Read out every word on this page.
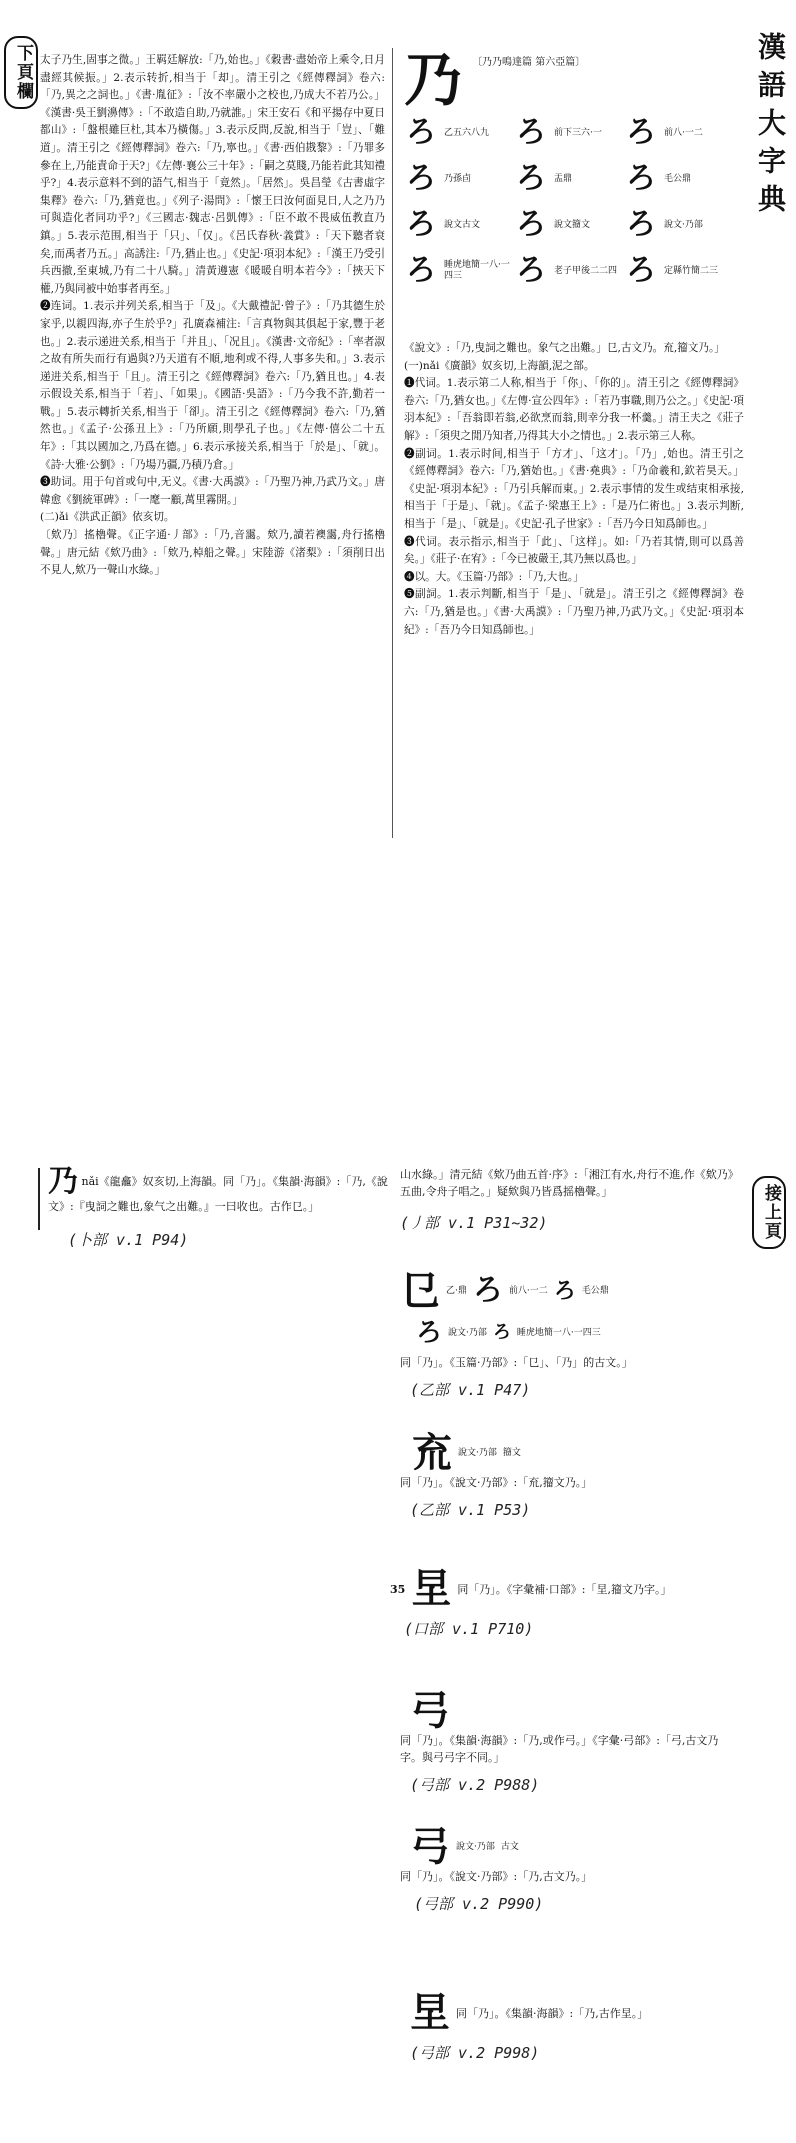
下頁欄	漢語大字典

太子乃生,固事之微。」王羁廷解放:「乃,始也。」《穀書·盡始帝上乘令,日月盡經其候振。」2.表示转折,相当于「却」。清王引之《經傳釋詞》卷六:「乃,異之之詞也。」《書·胤征》:「汝不率嚴小之校也,乃成大不若乃公。」《漢書·吳王劉濞傳》:「不敢造自助,乃就誰。」宋王安石《和平揚存中夏日都山》:「盤根雖巨杜,其本乃橫傷。」3.表示反問,反說,相当于「豈」、「難道」。清王引之《經傳釋詞》卷六:「乃,寧也。」《書·西伯戡黎》:「乃罪多參在上,乃能責命于天?」《左傳·襄公三十年》:「嗣之莫賤,乃能若此其知禮乎?」4.表示意料不到的語气,相当于「竟然」。「居然」。吳昌瑩《古書虛字集釋》卷六:「乃,猶竟也。」《列子·湯問》:「懷王曰汝何面見日,人之乃乃可與造化者同功乎?」《三國志·魏志·呂凱傳》:「臣不敢不畏威伍教直乃鎮。」5.表示范围,相当于「只」、「仅」。《呂氏春秋·義賞》:「天下聽者衰矣,而禹者乃五。」高誘注:「乃,猶止也。」《史記·項羽本紀》:「漢王乃受引兵西撤,至東城,乃有二十八騎。」清黃遵憲《暖暖自明本若今》:「挾天下權,乃與同被中始事者再至。」

❷连词。1.表示并列关系,相当于「及」。《大戴禮記·曾子》:「乃其德生於家乎,以親四海,亦子生於乎?」孔廣森補注:「言真物與其俱起于家,豐于老也。」2.表示递进关系,相当于「并且」、「况且」。《漢書·文帝紀》:「率者淑之故有所失而行有過與?乃天道有不順,地利或不得,人事多失和。」3.表示递进关系,相当于「且」。清王引之《經傳釋詞》卷六:「乃,猶且也。」4.表示假设关系,相当于「若」、「如果」。《國語·吳語》:「乃今我不許,勤若一戰。」5.表示轉折关系,相当于「卻」。清王引之《經傳釋詞》卷六:「乃,猶然也。」《孟子·公孫丑上》:「乃所願,則學孔子也。」《左傳·僖公二十五年》:「其以國加之,乃爲在德。」6.表示承接关系,相当于「於是」、「就」。《詩·大雅·公劉》:「乃場乃疆,乃積乃倉。」

❸助词。用于句首或句中,无义。《書·大禹謨》:「乃聖乃神,乃武乃文。」唐韓愈《劉統軍碑》:「一麾一顧,萬里霧開。」

(二)ǎi《洪武正韻》依亥切。

〔欸乃〕搖櫓聲。《正字通·丿部》:「乃,音靄。欸乃,讀若襖靄,舟行搖櫓聲。」唐元結《欸乃曲》:「欸乃,棹船之聲。」宋陸游《渚梨》:「須削日出不見人,欸乃一聲山水綠。」

乃 〔乃乃鳴達篇 第六亞篇〕
ろ 乙五六八九 ろ 前下三六·一 ろ 前八·一二
ろ 乃孫卣	ろ 盂鼎	ろ 毛公鼎
ろ 說文古文	ろ 說文籀文	ろ 說文·乃部
ろ 睡虎地簡一八·一四三	ろ 老子甲後二二四 ろ 定縣竹簡二三

《說文》:「乃,曳詞之難也。象气之出難。」㔾,古文乃。㐬,籀文乃。」

(一)nǎi《廣韻》奴亥切,上海韻,泥之部。

❶代词。1.表示第二人称,相当于「你」、「你的」。清王引之《經傳釋詞》卷六:「乃,猶女也。」《左傳·宣公四年》:「若乃事職,則乃公之。」《史記·項羽本紀》:「吾翁即若翁,必欲烹而翁,則幸分我一杯羹。」清王夫之《莊子解》:「須臾之閒乃知者,乃得其大小之情也。」2.表示第三人称。

❷副词。1.表示时间,相当于「方才」、「这才」。「乃」,始也。清王引之《經傳釋詞》卷六:「乃,猶始也。」《書·堯典》:「乃命羲和,欽若昊天。」《史記·項羽本紀》:「乃引兵解而東。」2.表示事情的发生或结束相承接,相当于「于是」、「就」。《孟子·梁惠王上》:「是乃仁術也。」3.表示判断,相当于「是」、「就是」。《史記·孔子世家》:「吾乃今日知爲師也。」

❸代词。表示指示,相当于「此」、「这样」。如:「乃若其情,則可以爲善矣。」《莊子·在宥》:「今已被嚴王,其乃無以爲也。」

❹以。大。《玉篇·乃部》:「乃,大也。」

❺副詞。1.表示判斷,相当于「是」、「就是」。清王引之《經傳釋詞》卷六:「乃,猶是也。」《書·大禹謨》:「乃聖乃神,乃武乃文。」《史記·項羽本紀》:「吾乃今日知爲師也。」

乃 nǎi《龍龕》奴亥切,上海韻。同「乃」。《集韻·海韻》:「乃,《說文》:『曳詞之難也,象气之出難。』一曰收也。古作㔾。」
(卜部 v.1 P94)	接上頁
山水綠。」清元結《欸乃曲五首·序》:「湘江有水,舟行不進,作《欸乃》五曲,令舟子唱之。」疑欸與乃皆爲摇櫓聲。」
(丿部 v.1 P31~32)
㔾 乙·鼎 ろ 前八·一二 ろ 毛公鼎
ろ 說文·乃部 ろ 睡虎地簡一八·一四三
同「乃」。《玉篇·乃部》:「㔾」、「乃」的古文。」
(乙部 v.1 P47)
㐬 說文·乃部 籀文
同「乃」。《說文·乃部》:「㐬,籀文乃。」
(乙部 v.1 P53)
35 圼 同「乃」。《字彙補·口部》:「圼,籀文乃字。」
(口部 v.1 P710)
弓
同「乃」。《集韻·海韻》:「乃,或作弓。」《字彙·弓部》:「弓,古文乃字。與弓弓字不同。」
(弓部 v.2 P988)
弓 說文·乃部 古文
同「乃」。《說文·乃部》:「乃,古文乃。」
(弓部 v.2 P990)
圼 同「乃」。《集韻·海韻》:「乃,古作圼。」
(弓部 v.2 P998)
